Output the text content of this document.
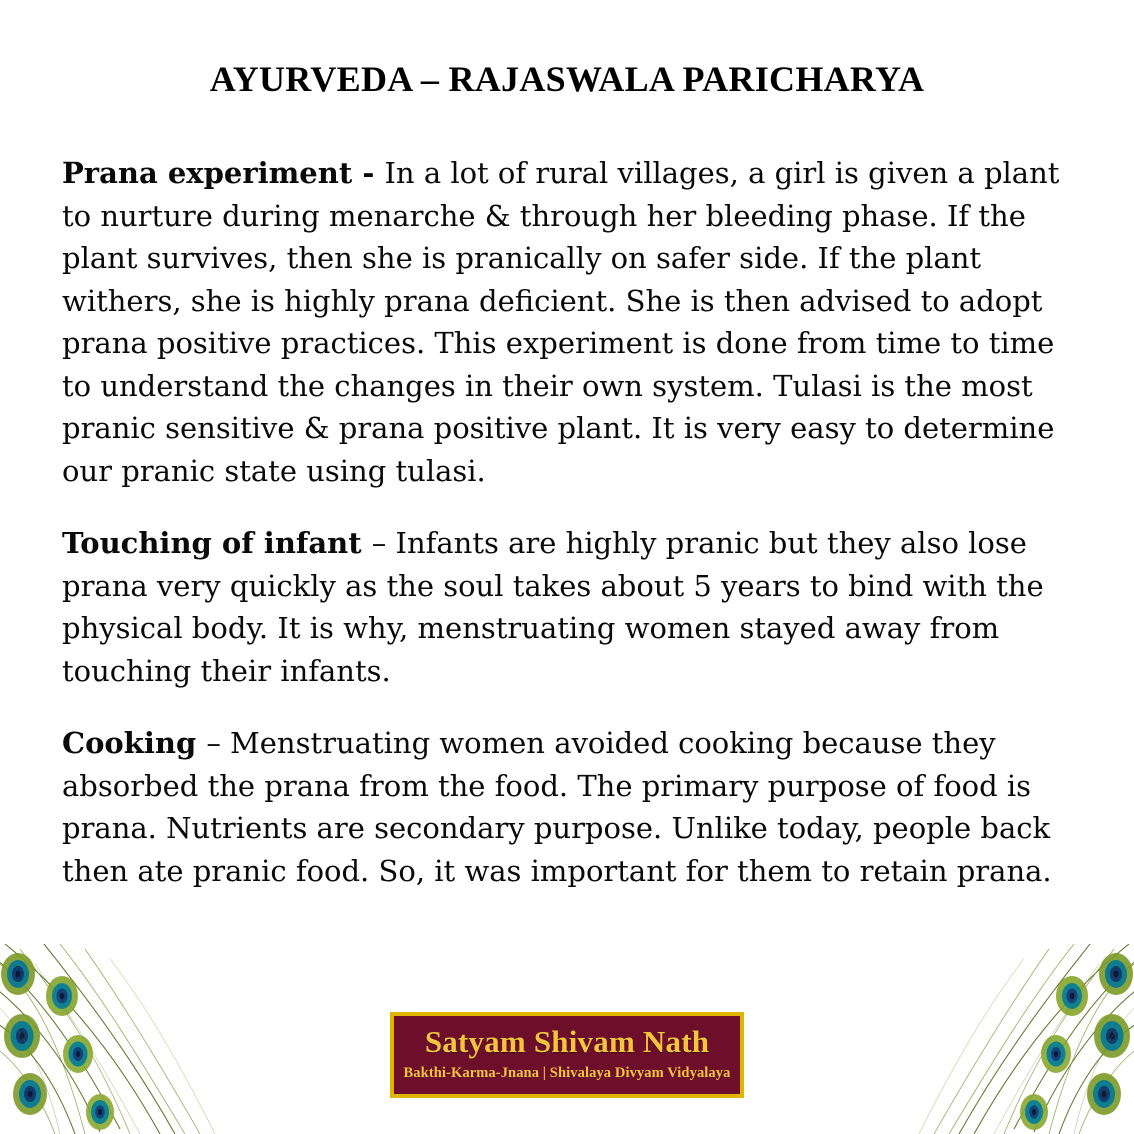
AYURVEDA – RAJASWALA PARICHARYA

Prana experiment - In a lot of rural villages, a girl is given a plant to nurture during menarche & through her bleeding phase. If the plant survives, then she is pranically on safer side. If the plant withers, she is highly prana deficient. She is then advised to adopt prana positive practices. This experiment is done from time to time to understand the changes in their own system. Tulasi is the most pranic sensitive & prana positive plant. It is very easy to determine our pranic state using tulasi.

Touching of infant – Infants are highly pranic but they also lose prana very quickly as the soul takes about 5 years to bind with the physical body. It is why, menstruating women stayed away from touching their infants.

Cooking – Menstruating women avoided cooking because they absorbed the prana from the food. The primary purpose of food is prana. Nutrients are secondary purpose. Unlike today, people back then ate pranic food. So, it was important for them to retain prana.

Satyam Shivam Nath
Bakthi-Karma-Jnana | Shivalaya Divyam Vidyalaya
